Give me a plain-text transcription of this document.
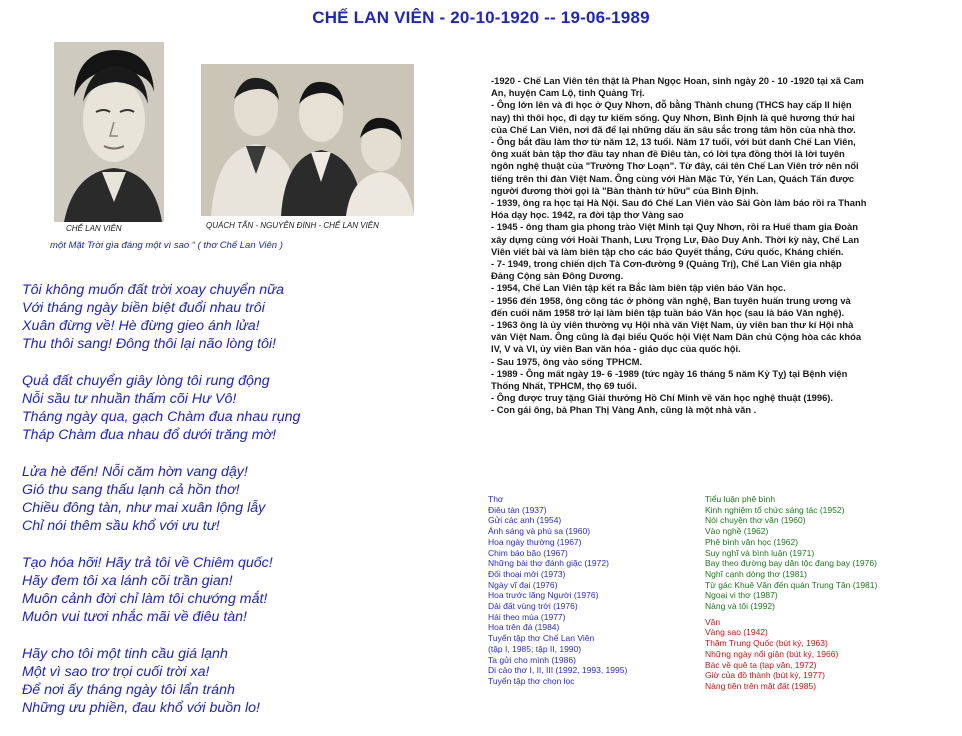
CHẾ LAN VIÊN - 20-10-1920 -- 19-06-1989
CHẾ LAN VIÊN	QUÁCH TẤN - NGUYỄN ĐÌNH - CHẾ LAN VIÊN
một Mặt Trời gìa đáng một vì sao “ ( thơ Chế Lan Viên )
Tôi không muốn đất trời xoay chuyển nữa
Với tháng ngày biền biệt đuổi nhau trôi
Xuân đừng về! Hè đừng gieo ánh lửa!
Thu thôi sang! Đông thôi lại não lòng tôi!
Quả đất chuyển giây lòng tôi rung động
Nỗi sầu tư nhuần thấm cõi Hư Vô!
Tháng ngày qua, gạch Chàm đua nhau rụng
Tháp Chàm đua nhau đổ dưới trăng mờ!
Lửa hè đến! Nỗi căm hờn vang dậy!
Gió thu sang thấu lạnh cả hồn thơ!
Chiều đông tàn, như mai xuân lộng lẫy
Chỉ nói thêm sầu khổ với ưu tư!
Tạo hóa hỡi! Hãy trả tôi về Chiêm quốc!
Hãy đem tôi xa lánh cõi trần gian!
Muôn cảnh đời chỉ làm tôi chướng mắt!
Muôn vui tươi nhắc mãi về điêu tàn!
Hãy cho tôi một tinh cầu giá lạnh
Một vì sao trơ trọi cuối trời xa!
Để nơi ấy tháng ngày tôi lẩn tránh
Những ưu phiền, đau khổ với buồn lo!
-1920 - Chế Lan Viên tên thật là Phan Ngọc Hoan, sinh ngày 20 - 10 -1920 tại xã Cam
An, huyện Cam Lộ, tỉnh Quảng Trị.
- Ông lớn lên và đi học ở Quy Nhơn, đỗ bằng Thành chung (THCS hay cấp II hiện
nay) thì thôi học, đi dạy tư kiếm sống. Quy Nhơn, Bình Định là quê hương thứ hai
của Chế Lan Viên, nơi đã để lại những dấu ấn sâu sắc trong tâm hồn của nhà thơ.
- Ông bắt đầu làm thơ từ năm 12, 13 tuổi. Năm 17 tuổi, với bút danh Chế Lan Viên,
ông xuất bản tập thơ đầu tay nhan đề Điêu tàn, có lời tựa đồng thời là lời tuyên
ngôn nghệ thuật của "Trường Thơ Loạn". Từ đây, cái tên Chế Lan Viên trở nên nổi
tiếng trên thi đàn Việt Nam. Ông cùng với Hàn Mặc Tử, Yến Lan, Quách Tấn được
người đương thời gọi là "Bàn thành tứ hữu" của Bình Định.
- 1939, ông ra học tại Hà Nội. Sau đó Chế Lan Viên vào Sài Gòn làm báo rồi ra Thanh
Hóa dạy học. 1942, ra đời tập thơ Vàng sao
- 1945 - ông tham gia phong trào Việt Minh tại Quy Nhơn, rồi ra Huế tham gia Đoàn
xây dựng cùng với Hoài Thanh, Lưu Trọng Lư, Đào Duy Anh. Thời kỳ này, Chế Lan
Viên viết bài và làm biên tập cho các báo Quyết thắng, Cứu quốc, Kháng chiến.
- 7- 1949, trong chiến dịch Tà Cơn-đường 9 (Quảng Trị), Chế Lan Viên gia nhập
Đảng Cộng sản Đông Dương.
- 1954, Chế Lan Viên tập kết ra Bắc làm biên tập viên báo Văn học.
- 1956 đến 1958, ông công tác ở phòng văn nghệ, Ban tuyên huấn trung ương và
đến cuối năm 1958 trở lại làm biên tập tuần báo Văn học (sau là báo Văn nghệ).
- 1963 ông là ủy viên thường vụ Hội nhà văn Việt Nam, ủy viên ban thư kí Hội nhà
văn Việt Nam. Ông cũng là đại biểu Quốc hội Việt Nam Dân chủ Cộng hòa các khóa
IV, V và VI, ủy viên Ban văn hóa - giáo dục của quốc hội.
- Sau 1975, ông vào sống TPHCM.
- 1989 - Ông mất ngày 19- 6 -1989 (tức ngày 16 tháng 5 năm Kỷ Tỵ) tại Bệnh viện
Thống Nhất, TPHCM, thọ 69 tuổi.
- Ông được truy tặng Giải thưởng Hồ Chí Minh về văn học nghệ thuật (1996).
- Con gái ông, bà Phan Thị Vàng Anh, cũng là một nhà văn .
Thơ
Điêu tàn (1937)
Gửi các anh (1954)
Ánh sáng và phù sa (1960)
Hoa ngày thường (1967)
Chim báo bão (1967)
Những bài thơ đánh giặc (1972)
Đối thoại mới (1973)
Ngày vĩ đại (1976)
Hoa trước lăng Người (1976)
Dải đất vùng trời (1976)
Hái theo mùa (1977)
Hoa trên đá (1984)
Tuyển tập thơ Chế Lan Viên
(tập I, 1985; tập II, 1990)
Ta gửi cho mình (1986)
Di cảo thơ I, II, III (1992, 1993, 1995)
Tuyển tập thơ chọn lọc
Tiểu luận phê bình
Kinh nghiệm tổ chức sáng tác (1952)
Nói chuyện thơ văn (1960)
Vào nghề (1962)
Phê bình văn học (1962)
Suy nghĩ và bình luận (1971)
Bay theo đường bay dân tộc đang bay (1976)
Nghĩ cạnh dòng thơ (1981)
Từ gác Khuê Văn đến quán Trung Tân (1981)
Ngoại vi thơ (1987)
Nàng và tôi (1992)
Văn
Vàng sao (1942)
Thăm Trung Quốc (bút ký, 1963)
Những ngày nổi giận (bút ký, 1966)
Bác về quê ta (tạp văn, 1972)
Giờ của đồ thành (bút ký, 1977)
Nàng tiên trên mặt đất (1985)
